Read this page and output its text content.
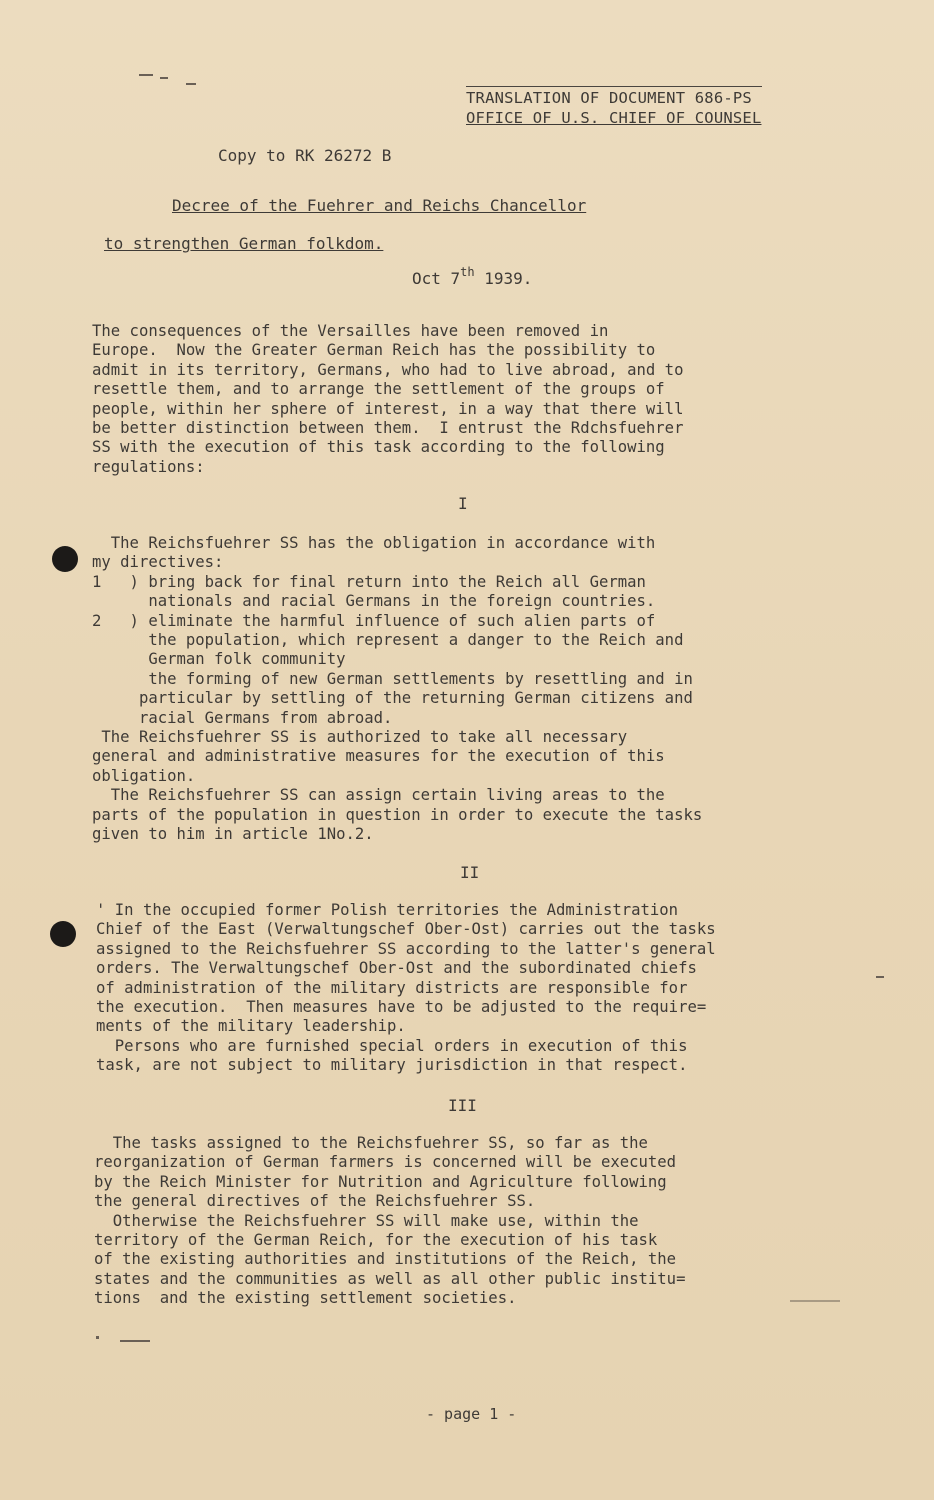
TRANSLATION OF DOCUMENT 686-PS
OFFICE OF U.S. CHIEF OF COUNSEL
Copy to RK 26272 B
Decree of the Fuehrer and Reichs Chancellor
to strengthen German folkdom.
Oct 7th 1939.
The consequences of the Versailles have been removed in
Europe.  Now the Greater German Reich has the possibility to
admit in its territory, Germans, who had to live abroad, and to
resettle them, and to arrange the settlement of the groups of
people, within her sphere of interest, in a way that there will
be better distinction between them.  I entrust the Rdchsfuehrer
SS with the execution of this task according to the following
regulations:
I
The Reichsfuehrer SS has the obligation in accordance with
my directives:
1   ) bring back for final return into the Reich all German
nationals and racial Germans in the foreign countries.
2   ) eliminate the harmful influence of such alien parts of
the population, which represent a danger to the Reich and
German folk community
the forming of new German settlements by resettling and in
particular by settling of the returning German citizens and
racial Germans from abroad.
The Reichsfuehrer SS is authorized to take all necessary
general and administrative measures for the execution of this
obligation.
The Reichsfuehrer SS can assign certain living areas to the
parts of the population in question in order to execute the tasks
given to him in article 1No.2.
II
' In the occupied former Polish territories the Administration
Chief of the East (Verwaltungschef Ober-Ost) carries out the tasks
assigned to the Reichsfuehrer SS according to the latter's general
orders. The Verwaltungschef Ober-Ost and the subordinated chiefs
of administration of the military districts are responsible for
the execution.  Then measures have to be adjusted to the require=
ments of the military leadership.
Persons who are furnished special orders in execution of this
task, are not subject to military jurisdiction in that respect.
III
The tasks assigned to the Reichsfuehrer SS, so far as the
reorganization of German farmers is concerned will be executed
by the Reich Minister for Nutrition and Agriculture following
the general directives of the Reichsfuehrer SS.
Otherwise the Reichsfuehrer SS will make use, within the
territory of the German Reich, for the execution of his task
of the existing authorities and institutions of the Reich, the
states and the communities as well as all other public institu=
tions  and the existing settlement societies.
- page 1 -
